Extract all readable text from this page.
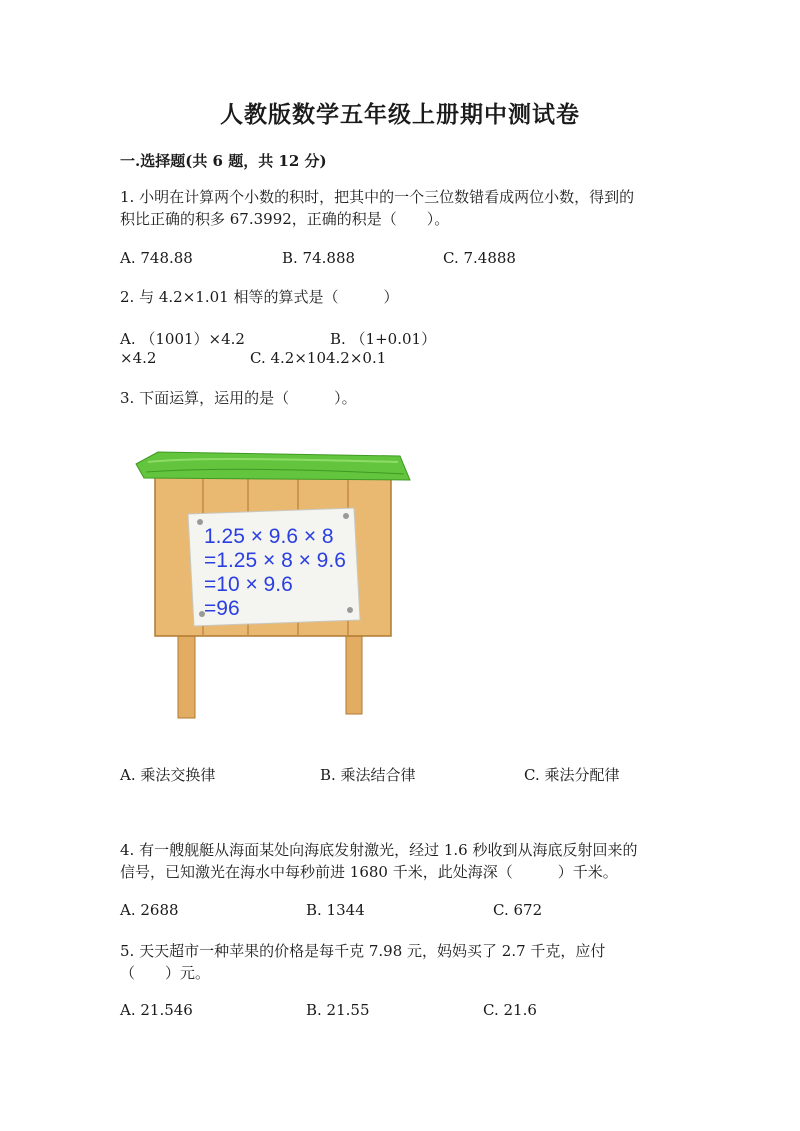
人教版数学五年级上册期中测试卷
一.选择题(共 6 题，共 12 分)
1. 小明在计算两个小数的积时，把其中的一个三位数错看成两位小数，得到的
积比正确的积多 67.3992，正确的积是（　　）。
A. 748.88	B. 74.888	C. 7.4888
2. 与 4.2×1.01 相等的算式是（　　　）
A. （1001）×4.2	B. （1+0.01）
×4.2	C. 4.2×104.2×0.1
3. 下面运算，运用的是（　　　）。
1.25 × 9.6 × 8
=1.25 × 8 × 9.6
=10 × 9.6
=96
A. 乘法交换律	B. 乘法结合律	C. 乘法分配律
4. 有一艘舰艇从海面某处向海底发射激光，经过 1.6 秒收到从海底反射回来的
信号，已知激光在海水中每秒前进 1680 千米，此处海深（　　　）千米。
A. 2688	B. 1344	C. 672
5. 天天超市一种苹果的价格是每千克 7.98 元，妈妈买了 2.7 千克，应付
（　　）元。
A. 21.546	B. 21.55	C. 21.6
